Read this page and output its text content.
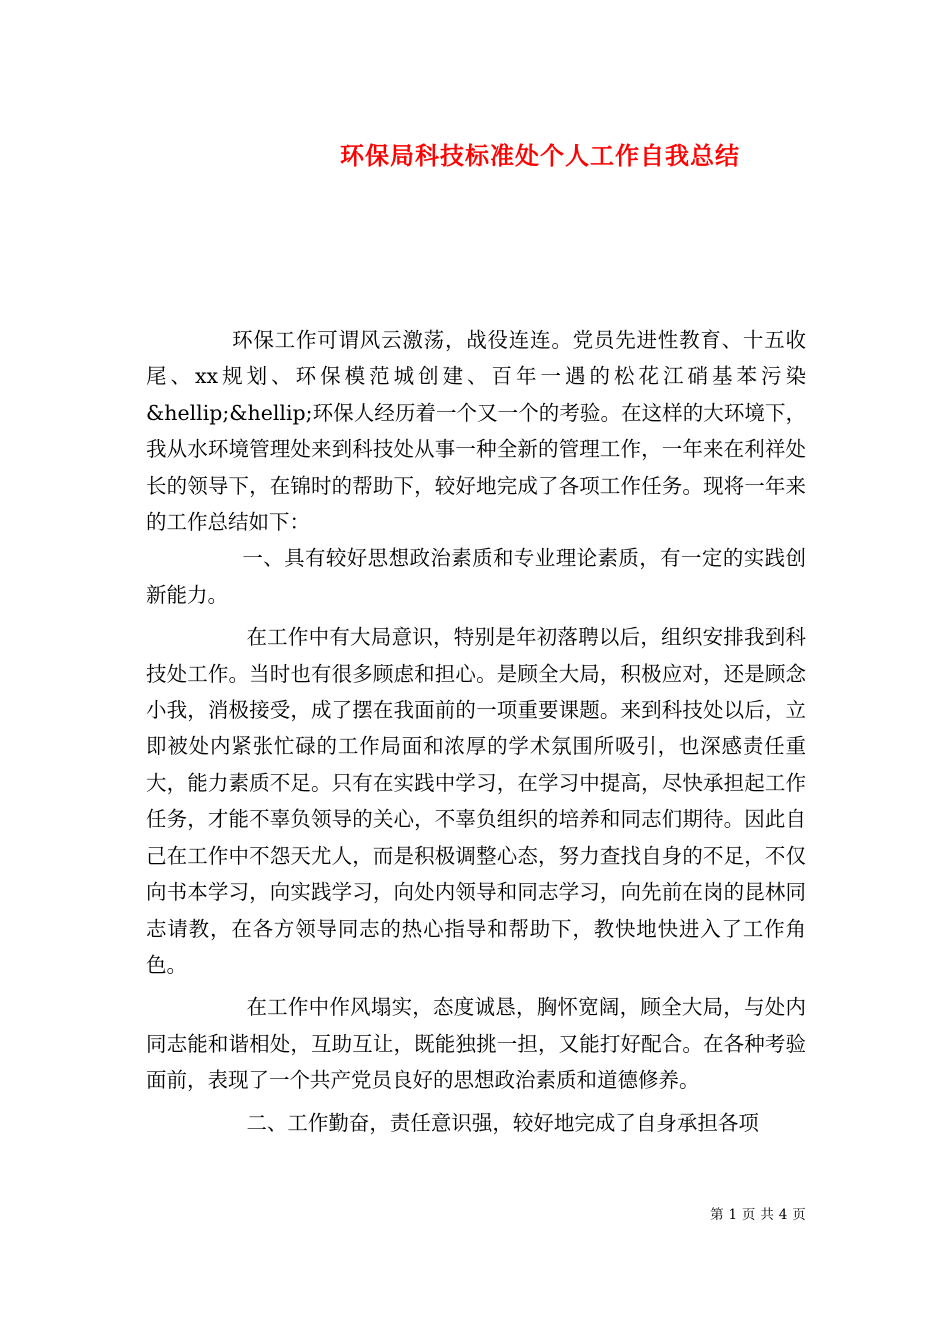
环保局科技标准处个人工作自我总结

环保工作可谓风云激荡，战役连连。党员先进性教育、十五收尾、xx规划、环保模范城创建、百年一遇的松花江硝基苯污染&hellip;&hellip;环保人经历着一个又一个的考验。在这样的大环境下，我从水环境管理处来到科技处从事一种全新的管理工作，一年来在利祥处长的领导下，在锦时的帮助下，较好地完成了各项工作任务。现将一年来的工作总结如下：

一、具有较好思想政治素质和专业理论素质，有一定的实践创新能力。

在工作中有大局意识，特别是年初落聘以后，组织安排我到科技处工作。当时也有很多顾虑和担心。是顾全大局，积极应对，还是顾念小我，消极接受，成了摆在我面前的一项重要课题。来到科技处以后，立即被处内紧张忙碌的工作局面和浓厚的学术氛围所吸引，也深感责任重大，能力素质不足。只有在实践中学习，在学习中提高，尽快承担起工作任务，才能不辜负领导的关心，不辜负组织的培养和同志们期待。因此自己在工作中不怨天尤人，而是积极调整心态，努力查找自身的不足，不仅向书本学习，向实践学习，向处内领导和同志学习，向先前在岗的昆林同志请教，在各方领导同志的热心指导和帮助下，教快地快进入了工作角色。

在工作中作风塌实，态度诚恳，胸怀宽阔，顾全大局，与处内同志能和谐相处，互助互让，既能独挑一担，又能打好配合。在各种考验面前，表现了一个共产党员良好的思想政治素质和道德修养。

二、工作勤奋，责任意识强，较好地完成了自身承担各项

第 1 页 共 4 页
